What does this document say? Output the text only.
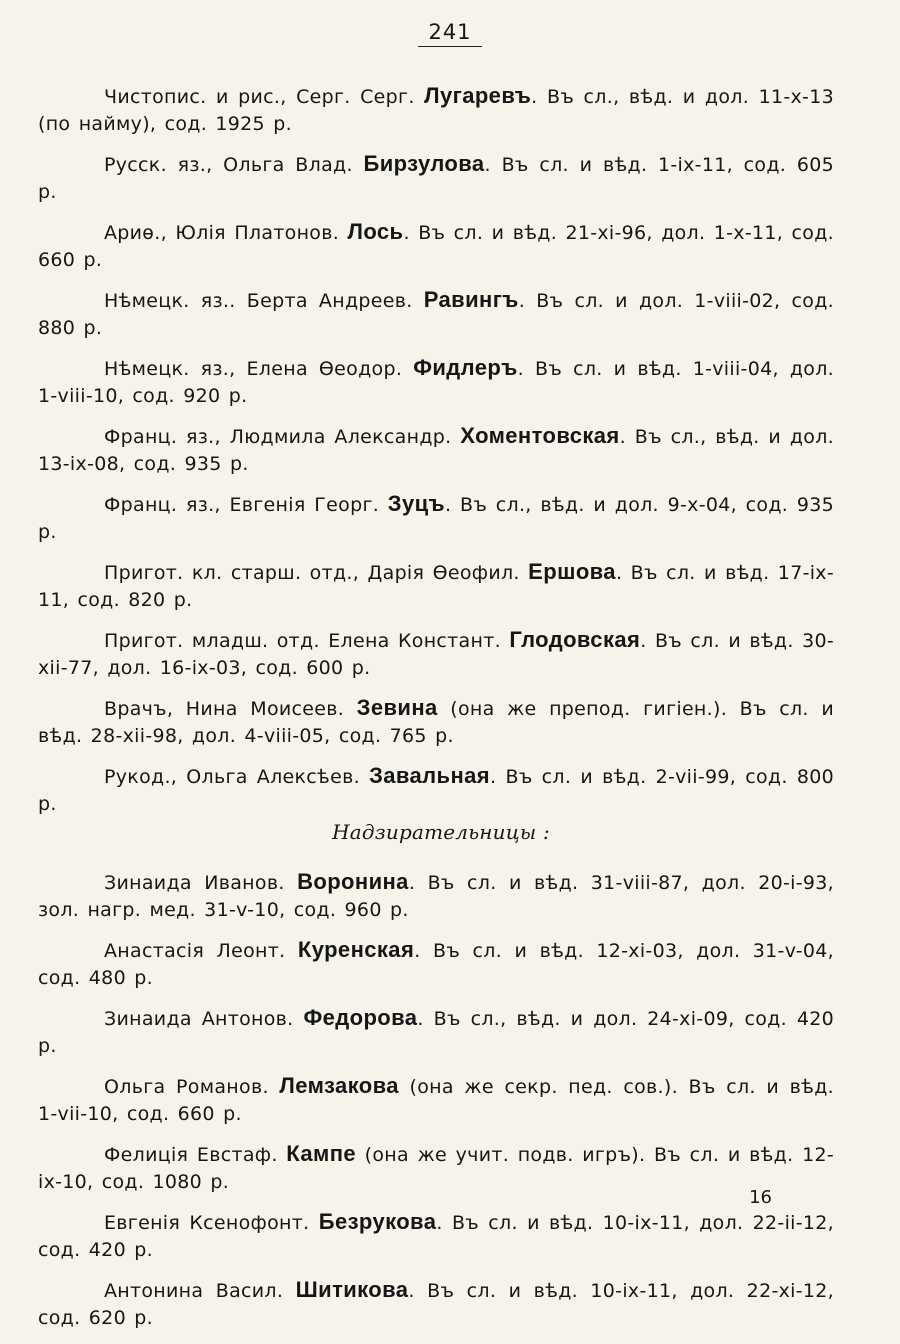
241

Чистопис. и рис., Серг. Серг. Лугаревъ. Въ сл., вѣд. и дол. 11-x-13 (по найму), сод. 1925 р.

Русск. яз., Ольга Влад. Бирзулова. Въ сл. и вѣд. 1-ix-11, сод. 605 р.

Ариѳ., Юлія Платонов. Лось. Въ сл. и вѣд. 21-xi-96, дол. 1-x-11, сод. 660 р.

Нѣмецк. яз.. Берта Андреев. Равингъ. Въ сл. и дол. 1-viii-02, сод. 880 р.

Нѣмецк. яз., Елена Ѳеодор. Фидлеръ. Въ сл. и вѣд. 1-viii-04, дол. 1-viii-10, сод. 920 р.

Франц. яз., Людмила Александр. Хоментовская. Въ сл., вѣд. и дол. 13-ix-08, сод. 935 р.

Франц. яз., Евгенія Георг. Зуцъ. Въ сл., вѣд. и дол. 9-x-04, сод. 935 р.

Пригот. кл. старш. отд., Дарія Ѳеофил. Ершова. Въ сл. и вѣд. 17-ix-11, сод. 820 р.

Пригот. младш. отд. Елена Констант. Глодовская. Въ сл. и вѣд. 30-xii-77, дол. 16-ix-03, сод. 600 р.

Врачъ, Нина Моисеев. Зевина (она же препод. гигіен.). Въ сл. и вѣд. 28-xii-98, дол. 4-viii-05, сод. 765 р.

Рукод., Ольга Алексѣев. Завальная. Въ сл. и вѣд. 2-vii-99, сод. 800 р.

Надзирательницы :

Зинаида Иванов. Воронина. Въ сл. и вѣд. 31-viii-87, дол. 20-i-93, зол. нагр. мед. 31-v-10, сод. 960 р.

Анастасія Леонт. Куренская. Въ сл. и вѣд. 12-xi-03, дол. 31-v-04, сод. 480 р.

Зинаида Антонов. Федорова. Въ сл., вѣд. и дол. 24-xi-09, сод. 420 р.

Ольга Романов. Лемзакова (она же секр. пед. сов.). Въ сл. и вѣд. 1-vii-10, сод. 660 р.

Фелиція Евстаф. Кампе (она же учит. подв. игръ). Въ сл. и вѣд. 12-ix-10, сод. 1080 р.

Евгенія Ксенофонт. Безрукова. Въ сл. и вѣд. 10-ix-11, дол. 22-ii-12, сод. 420 р.

Антонина Васил. Шитикова. Въ сл. и вѣд. 10-ix-11, дол. 22-xi-12, сод. 620 р.

16
